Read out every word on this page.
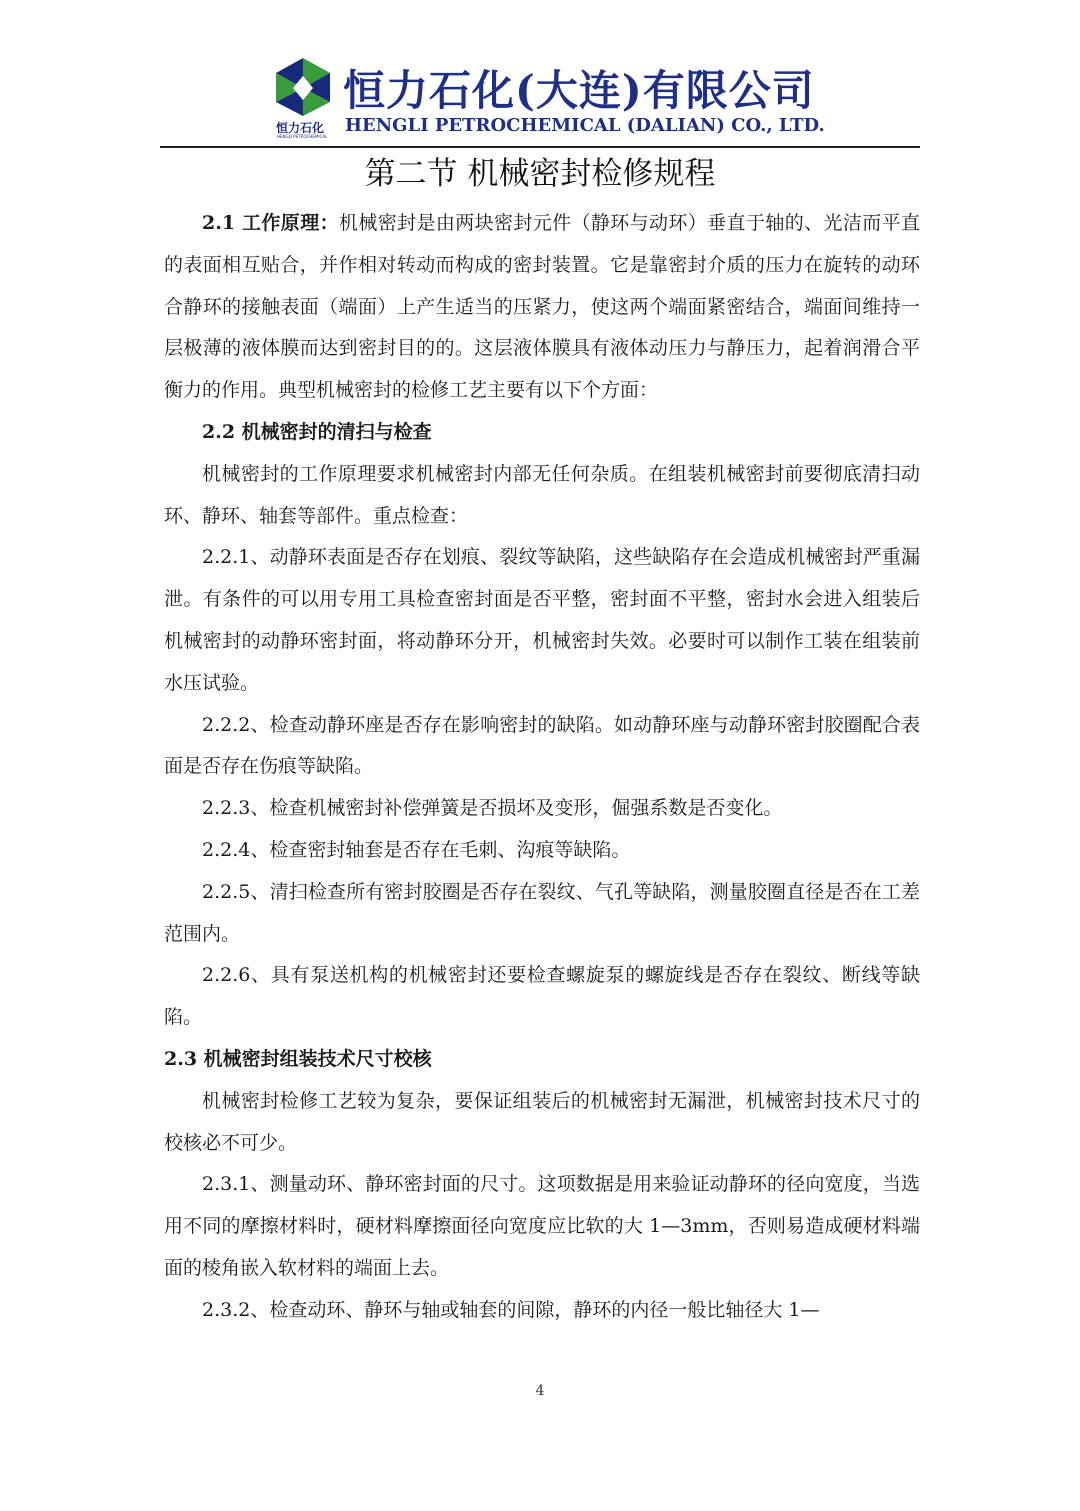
恒力石化
HENGLI PETROCHEMICAL
恒力石化(大连)有限公司
HENGLI PETROCHEMICAL (DALIAN) CO., LTD.
第二节 机械密封检修规程

2.1 工作原理：机械密封是由两块密封元件（静环与动环）垂直于轴的、光洁而平直的表面相互贴合，并作相对转动而构成的密封装置。它是靠密封介质的压力在旋转的动环合静环的接触表面（端面）上产生适当的压紧力，使这两个端面紧密结合，端面间维持一层极薄的液体膜而达到密封目的的。这层液体膜具有液体动压力与静压力，起着润滑合平衡力的作用。典型机械密封的检修工艺主要有以下个方面：

2.2 机械密封的清扫与检查

机械密封的工作原理要求机械密封内部无任何杂质。在组装机械密封前要彻底清扫动环、静环、轴套等部件。重点检查：

2.2.1、动静环表面是否存在划痕、裂纹等缺陷，这些缺陷存在会造成机械密封严重漏泄。有条件的可以用专用工具检查密封面是否平整，密封面不平整，密封水会进入组装后机械密封的动静环密封面，将动静环分开，机械密封失效。必要时可以制作工装在组装前水压试验。

2.2.2、检查动静环座是否存在影响密封的缺陷。如动静环座与动静环密封胶圈配合表面是否存在伤痕等缺陷。

2.2.3、检查机械密封补偿弹簧是否损坏及变形，倔强系数是否变化。

2.2.4、检查密封轴套是否存在毛刺、沟痕等缺陷。

2.2.5、清扫检查所有密封胶圈是否存在裂纹、气孔等缺陷，测量胶圈直径是否在工差范围内。

2.2.6、具有泵送机构的机械密封还要检查螺旋泵的螺旋线是否存在裂纹、断线等缺陷。

2.3 机械密封组装技术尺寸校核

机械密封检修工艺较为复杂，要保证组装后的机械密封无漏泄，机械密封技术尺寸的校核必不可少。

2.3.1、测量动环、静环密封面的尺寸。这项数据是用来验证动静环的径向宽度，当选用不同的摩擦材料时，硬材料摩擦面径向宽度应比软的大 1—3mm，否则易造成硬材料端面的棱角嵌入软材料的端面上去。

2.3.2、检查动环、静环与轴或轴套的间隙，静环的内径一般比轴径大 1—

4
